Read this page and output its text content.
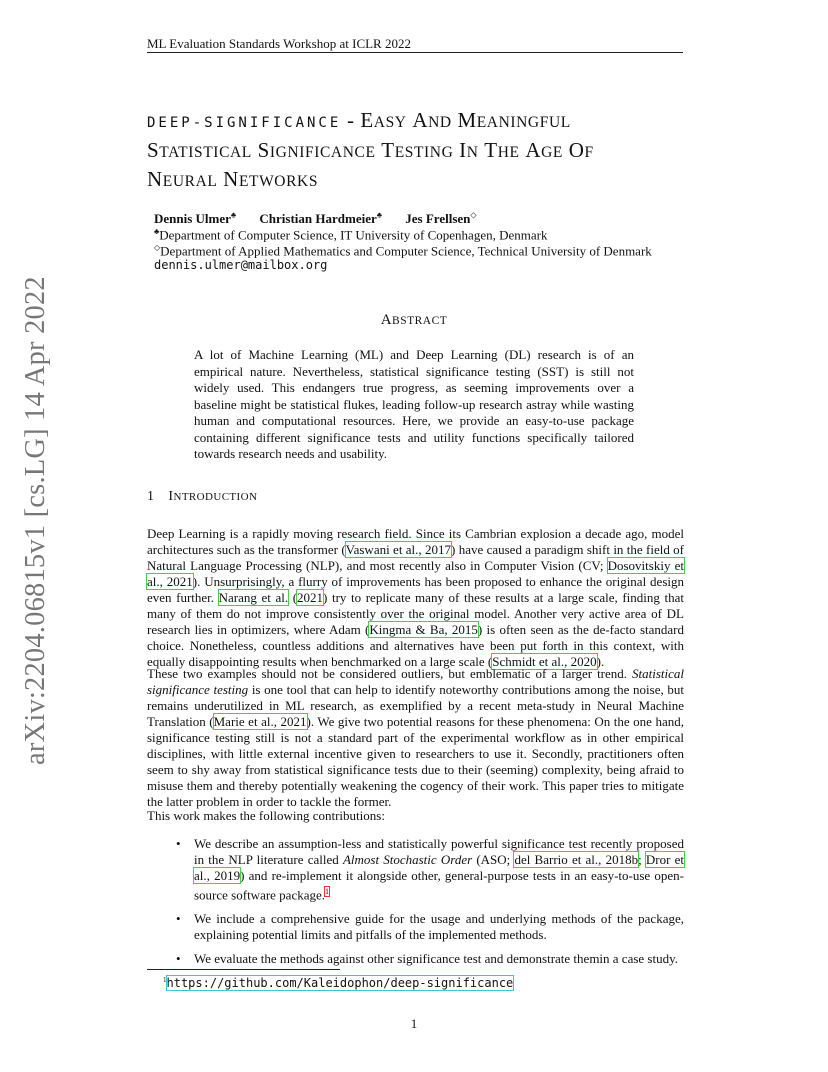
ML Evaluation Standards Workshop at ICLR 2022
arXiv:2204.06815v1 [cs.LG] 14 Apr 2022
DEEP-SIGNIFICANCE - EASY AND MEANINGFUL
STATISTICAL SIGNIFICANCE TESTING IN THE AGE OF
NEURAL NETWORKS
Dennis Ulmer♣ Christian Hardmeier♣ Jes Frellsen◇
♣Department of Computer Science, IT University of Copenhagen, Denmark
◇Department of Applied Mathematics and Computer Science, Technical University of Denmark
dennis.ulmer@mailbox.org
ABSTRACT
A lot of Machine Learning (ML) and Deep Learning (DL) research is of an empirical nature. Nevertheless, statistical significance testing (SST) is still not widely used. This endangers true progress, as seeming improvements over a baseline might be statistical flukes, leading follow-up research astray while wasting human and computational resources. Here, we provide an easy-to-use package containing different significance tests and utility functions specifically tailored towards research needs and usability.
1 INTRODUCTION
Deep Learning is a rapidly moving research field. Since its Cambrian explosion a decade ago, model architectures such as the transformer (Vaswani et al., 2017) have caused a paradigm shift in the field of Natural Language Processing (NLP), and most recently also in Computer Vision (CV; Dosovitskiy et al., 2021). Unsurprisingly, a flurry of improvements has been proposed to enhance the original design even further. Narang et al. (2021) try to replicate many of these results at a large scale, finding that many of them do not improve consistently over the original model. Another very active area of DL research lies in optimizers, where Adam (Kingma & Ba, 2015) is often seen as the de-facto standard choice. Nonetheless, countless additions and alternatives have been put forth in this context, with equally disappointing results when benchmarked on a large scale (Schmidt et al., 2020).
These two examples should not be considered outliers, but emblematic of a larger trend. Statistical significance testing is one tool that can help to identify noteworthy contributions among the noise, but remains underutilized in ML research, as exemplified by a recent meta-study in Neural Machine Translation (Marie et al., 2021). We give two potential reasons for these phenomena: On the one hand, significance testing still is not a standard part of the experimental workflow as in other empirical disciplines, with little external incentive given to researchers to use it. Secondly, practitioners often seem to shy away from statistical significance tests due to their (seeming) complexity, being afraid to misuse them and thereby potentially weakening the cogency of their work. This paper tries to mitigate the latter problem in order to tackle the former.
This work makes the following contributions:
• We describe an assumption-less and statistically powerful significance test recently proposed in the NLP literature called Almost Stochastic Order (ASO; del Barrio et al., 2018b; Dror et al., 2019) and re-implement it alongside other, general-purpose tests in an easy-to-use open-source software package.$^1$
• We include a comprehensive guide for the usage and underlying methods of the package, explaining potential limits and pitfalls of the implemented methods.
• We evaluate the methods against other significance test and demonstrate themin a case study.
$^1$https://github.com/Kaleidophon/deep-significance
1
